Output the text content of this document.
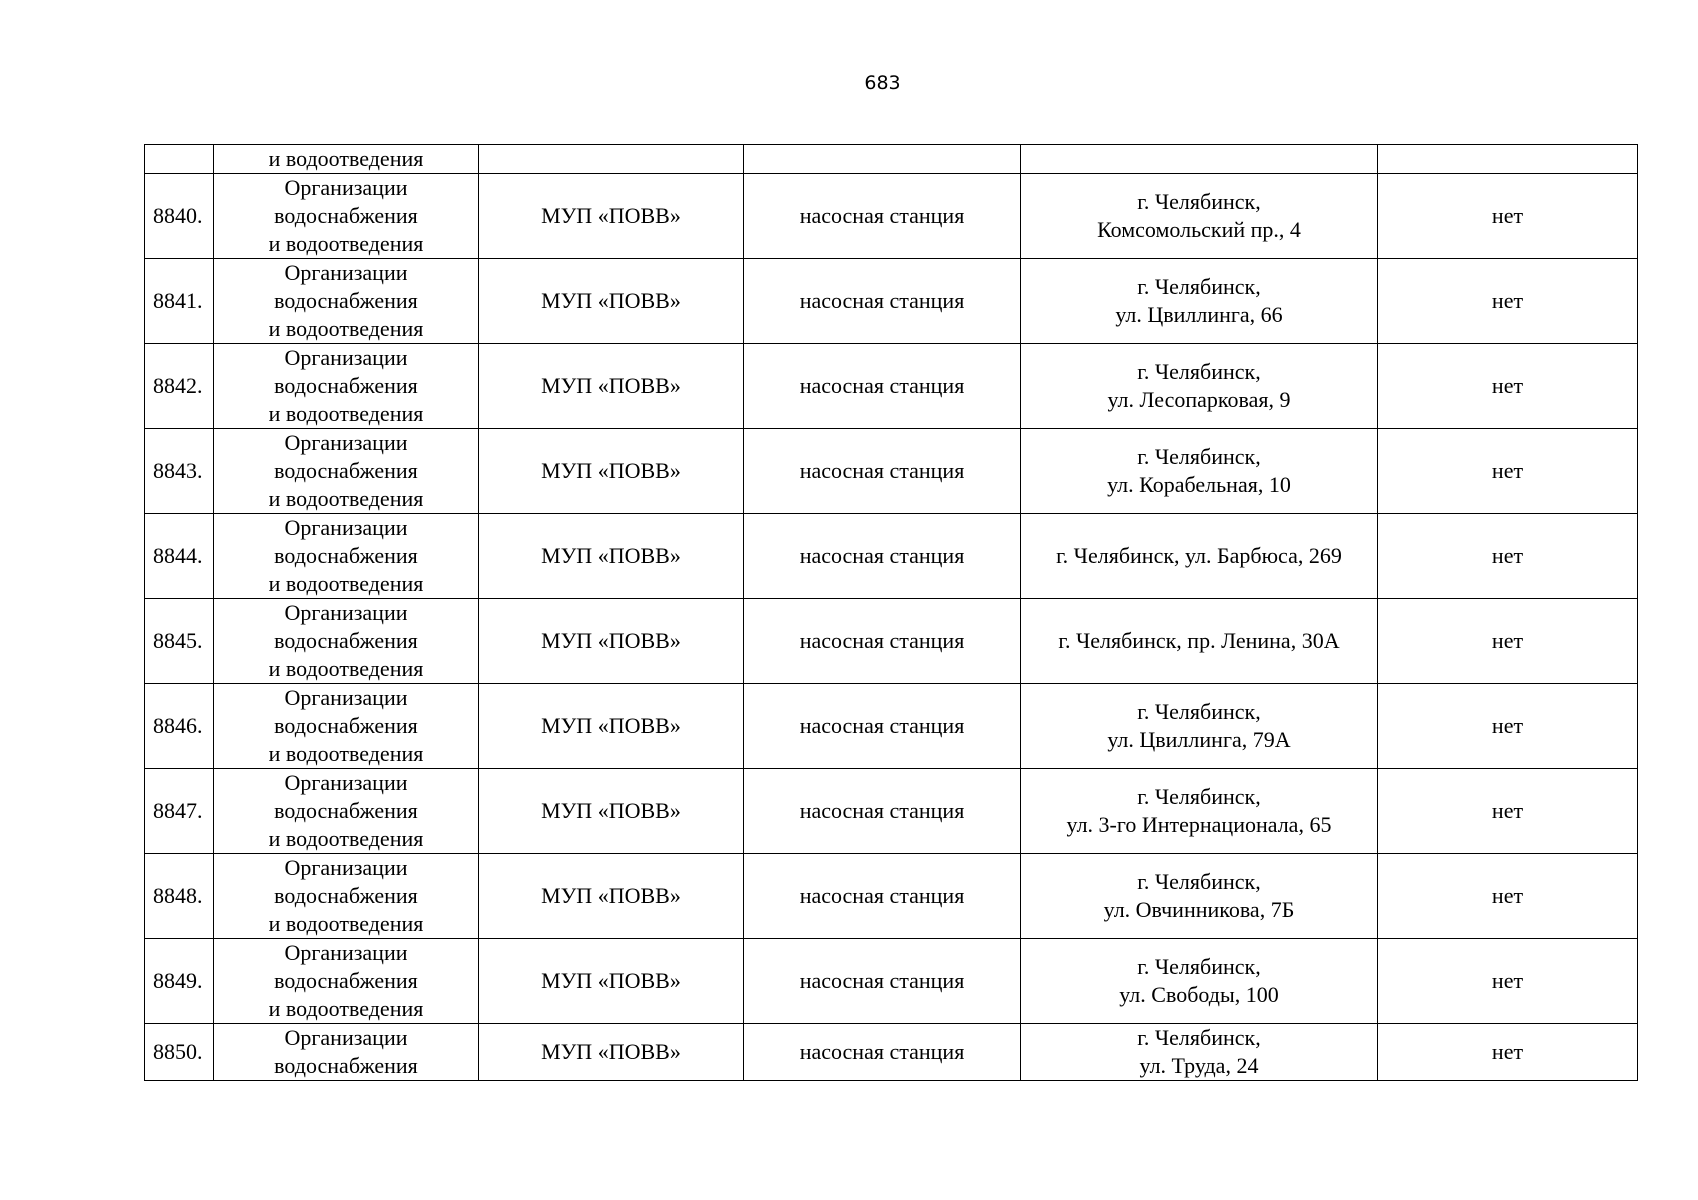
683

	и водоотведения				

8840.	Организации
водоснабжения
и водоотведения	МУП «ПОВВ»	насосная станция	г. Челябинск,
Комсомольский пр., 4	нет
8841.	Организации
водоснабжения
и водоотведения	МУП «ПОВВ»	насосная станция	г. Челябинск,
ул. Цвиллинга, 66	нет
8842.	Организации
водоснабжения
и водоотведения	МУП «ПОВВ»	насосная станция	г. Челябинск,
ул. Лесопарковая, 9	нет
8843.	Организации
водоснабжения
и водоотведения	МУП «ПОВВ»	насосная станция	г. Челябинск,
ул. Корабельная, 10	нет
8844.	Организации
водоснабжения
и водоотведения	МУП «ПОВВ»	насосная станция	г. Челябинск, ул. Барбюса, 269	нет
8845.	Организации
водоснабжения
и водоотведения	МУП «ПОВВ»	насосная станция	г. Челябинск, пр. Ленина, 30А	нет
8846.	Организации
водоснабжения
и водоотведения	МУП «ПОВВ»	насосная станция	г. Челябинск,
ул. Цвиллинга, 79А	нет
8847.	Организации
водоснабжения
и водоотведения	МУП «ПОВВ»	насосная станция	г. Челябинск,
ул. 3-го Интернационала, 65	нет
8848.	Организации
водоснабжения
и водоотведения	МУП «ПОВВ»	насосная станция	г. Челябинск,
ул. Овчинникова, 7Б	нет
8849.	Организации
водоснабжения
и водоотведения	МУП «ПОВВ»	насосная станция	г. Челябинск,
ул. Свободы, 100	нет
8850.	Организации
водоснабжения	МУП «ПОВВ»	насосная станция	г. Челябинск,
ул. Труда, 24	нет
